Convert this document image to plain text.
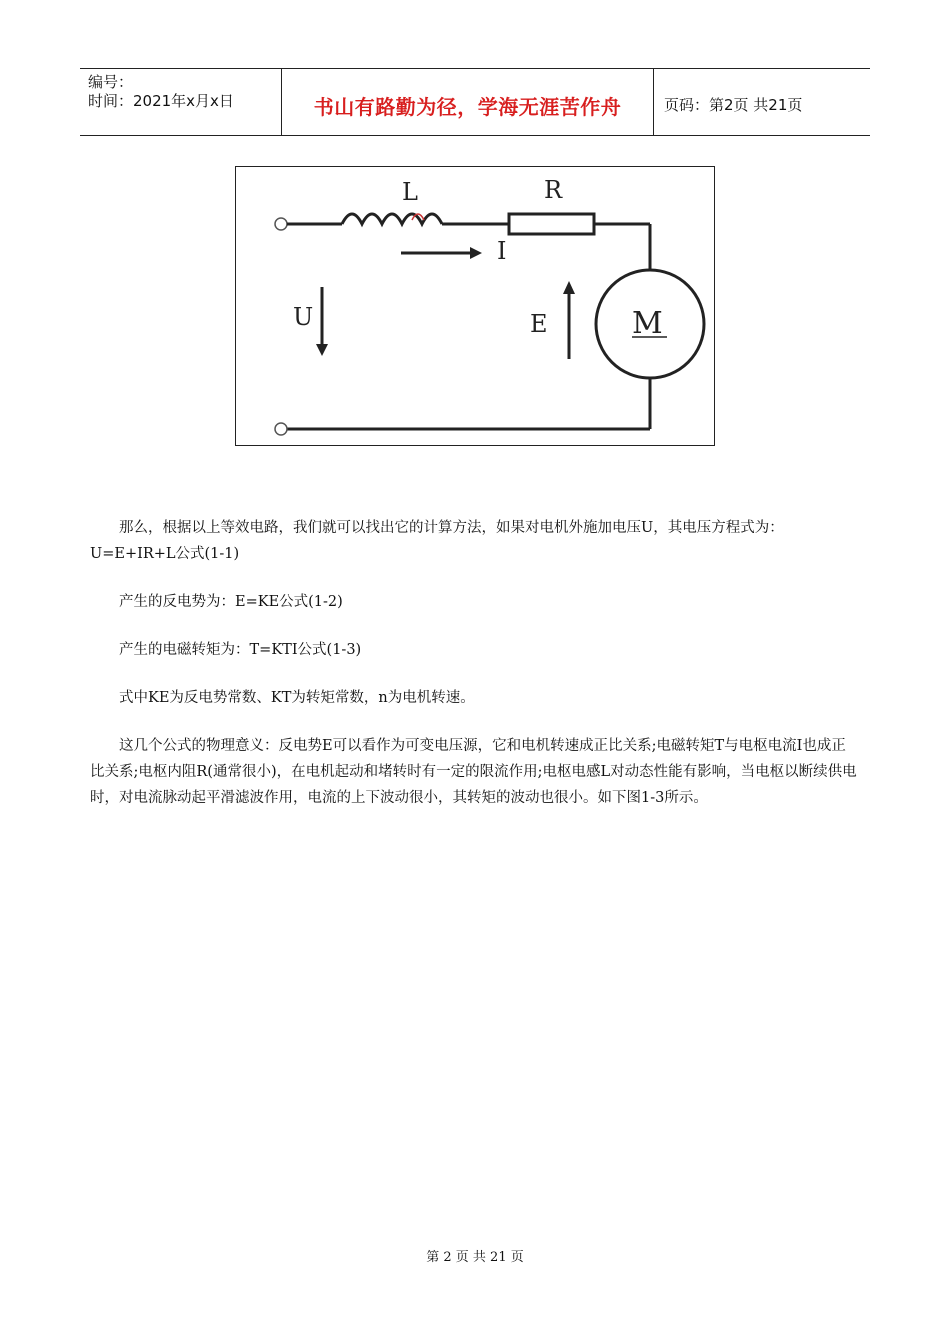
编号：
时间：2021年x月x日	书山有路勤为径，学海无涯苦作舟	页码：第2页 共21页
L	R
I
U	E	M

那么，根据以上等效电路，我们就可以找出它的计算方法，如果对电机外施加电压U，其电压方程式为：U=E+IR+L公式(1-1)

产生的反电势为：E=KE公式(1-2)

产生的电磁转矩为：T=KTI公式(1-3)

式中KE为反电势常数、KT为转矩常数，n为电机转速。

这几个公式的物理意义：反电势E可以看作为可变电压源，它和电机转速成正比关系;电磁转矩T与电枢电流I也成正比关系;电枢内阻R(通常很小)，在电机起动和堵转时有一定的限流作用;电枢电感L对动态性能有影响，当电枢以断续供电时，对电流脉动起平滑滤波作用，电流的上下波动很小，其转矩的波动也很小。如下图1-3所示。

第 2 页 共 21 页
